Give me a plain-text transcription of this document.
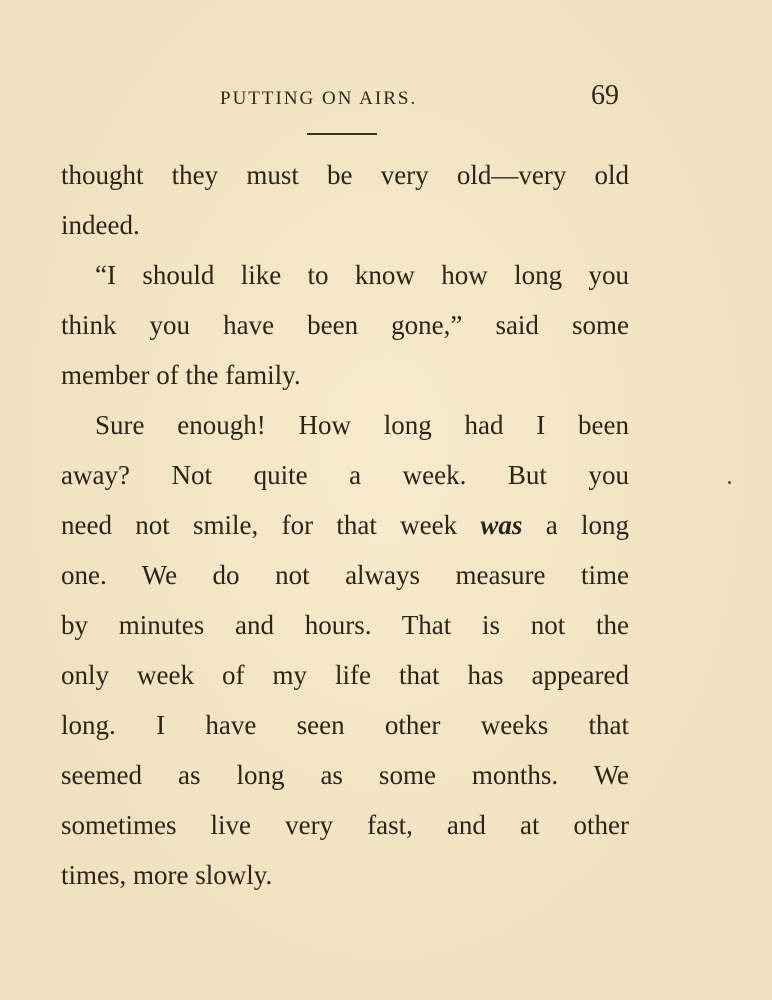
PUTTING ON AIRS.	69

thought they must be very old—very old
indeed.

“I should like to know how long you
think you have been gone,” said some
member of the family.

Sure enough! How long had I been
away? Not quite a week. But you
need not smile, for that week was a long
one. We do not always measure time
by minutes and hours. That is not the
only week of my life that has appeared
long. I have seen other weeks that
seemed as long as some months. We
sometimes live very fast, and at other
times, more slowly.
